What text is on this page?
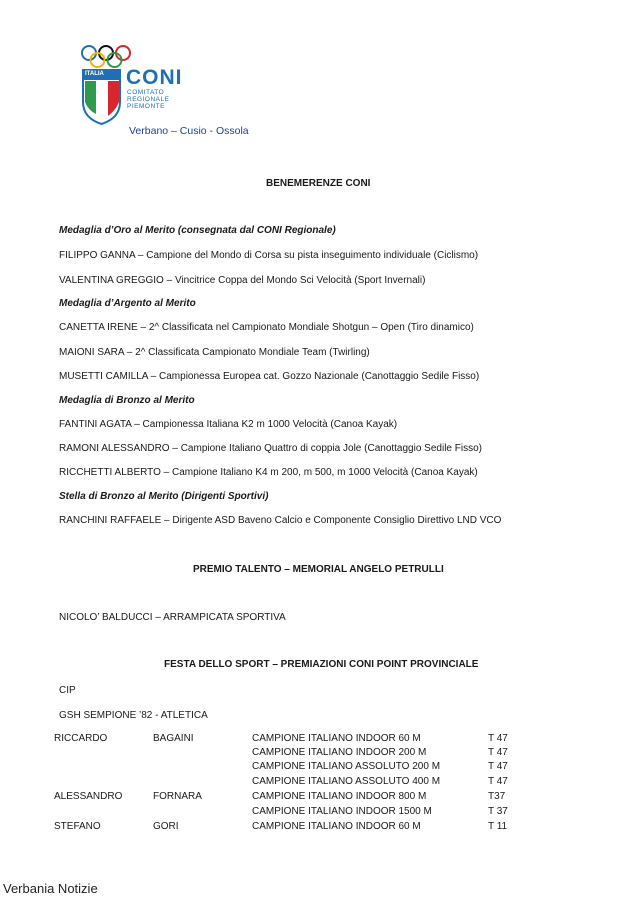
ITALIA CONI
COMITATO
REGIONALE
PIEMONTE
Verbano – Cusio - Ossola
BENEMERENZE CONI
Medaglia d’Oro al Merito (consegnata dal CONI Regionale)
FILIPPO GANNA – Campione del Mondo di Corsa su pista inseguimento individuale (Ciclismo)
VALENTINA GREGGIO – Vincitrice Coppa del Mondo Sci Velocità (Sport Invernali)
Medaglia d’Argento al Merito
CANETTA IRENE – 2^ Classificata nel Campionato Mondiale Shotgun – Open (Tiro dinamico)
MAIONI SARA – 2^ Classificata Campionato Mondiale Team (Twirling)
MUSETTI CAMILLA – Campionessa Europea cat. Gozzo Nazionale (Canottaggio Sedile Fisso)
Medaglia di Bronzo al Merito
FANTINI AGATA – Campionessa Italiana K2 m 1000 Velocità (Canoa Kayak)
RAMONI ALESSANDRO – Campione Italiano Quattro di coppia Jole (Canottaggio Sedile Fisso)
RICCHETTI ALBERTO – Campione Italiano K4 m 200, m 500, m 1000 Velocità (Canoa Kayak)
Stella di Bronzo al Merito (Dirigenti Sportivi)
RANCHINI RAFFAELE – Dirigente ASD Baveno Calcio e Componente Consiglio Direttivo LND VCO
PREMIO TALENTO – MEMORIAL ANGELO PETRULLI
NICOLO’ BALDUCCI – ARRAMPICATA SPORTIVA
FESTA DELLO SPORT – PREMIAZIONI CONI POINT PROVINCIALE
CIP
GSH SEMPIONE ’82 - ATLETICA
RICCARDO	BAGAINI	CAMPIONE ITALIANO INDOOR 60 M	T 47
CAMPIONE ITALIANO INDOOR 200 M	T 47
CAMPIONE ITALIANO ASSOLUTO 200 M	T 47
CAMPIONE ITALIANO ASSOLUTO 400 M	T 47
ALESSANDRO	FORNARA	CAMPIONE ITALIANO INDOOR 800 M	T37
CAMPIONE ITALIANO INDOOR 1500 M	T 37
STEFANO	GORI	CAMPIONE ITALIANO INDOOR 60 M	T 11
Verbania Notizie
